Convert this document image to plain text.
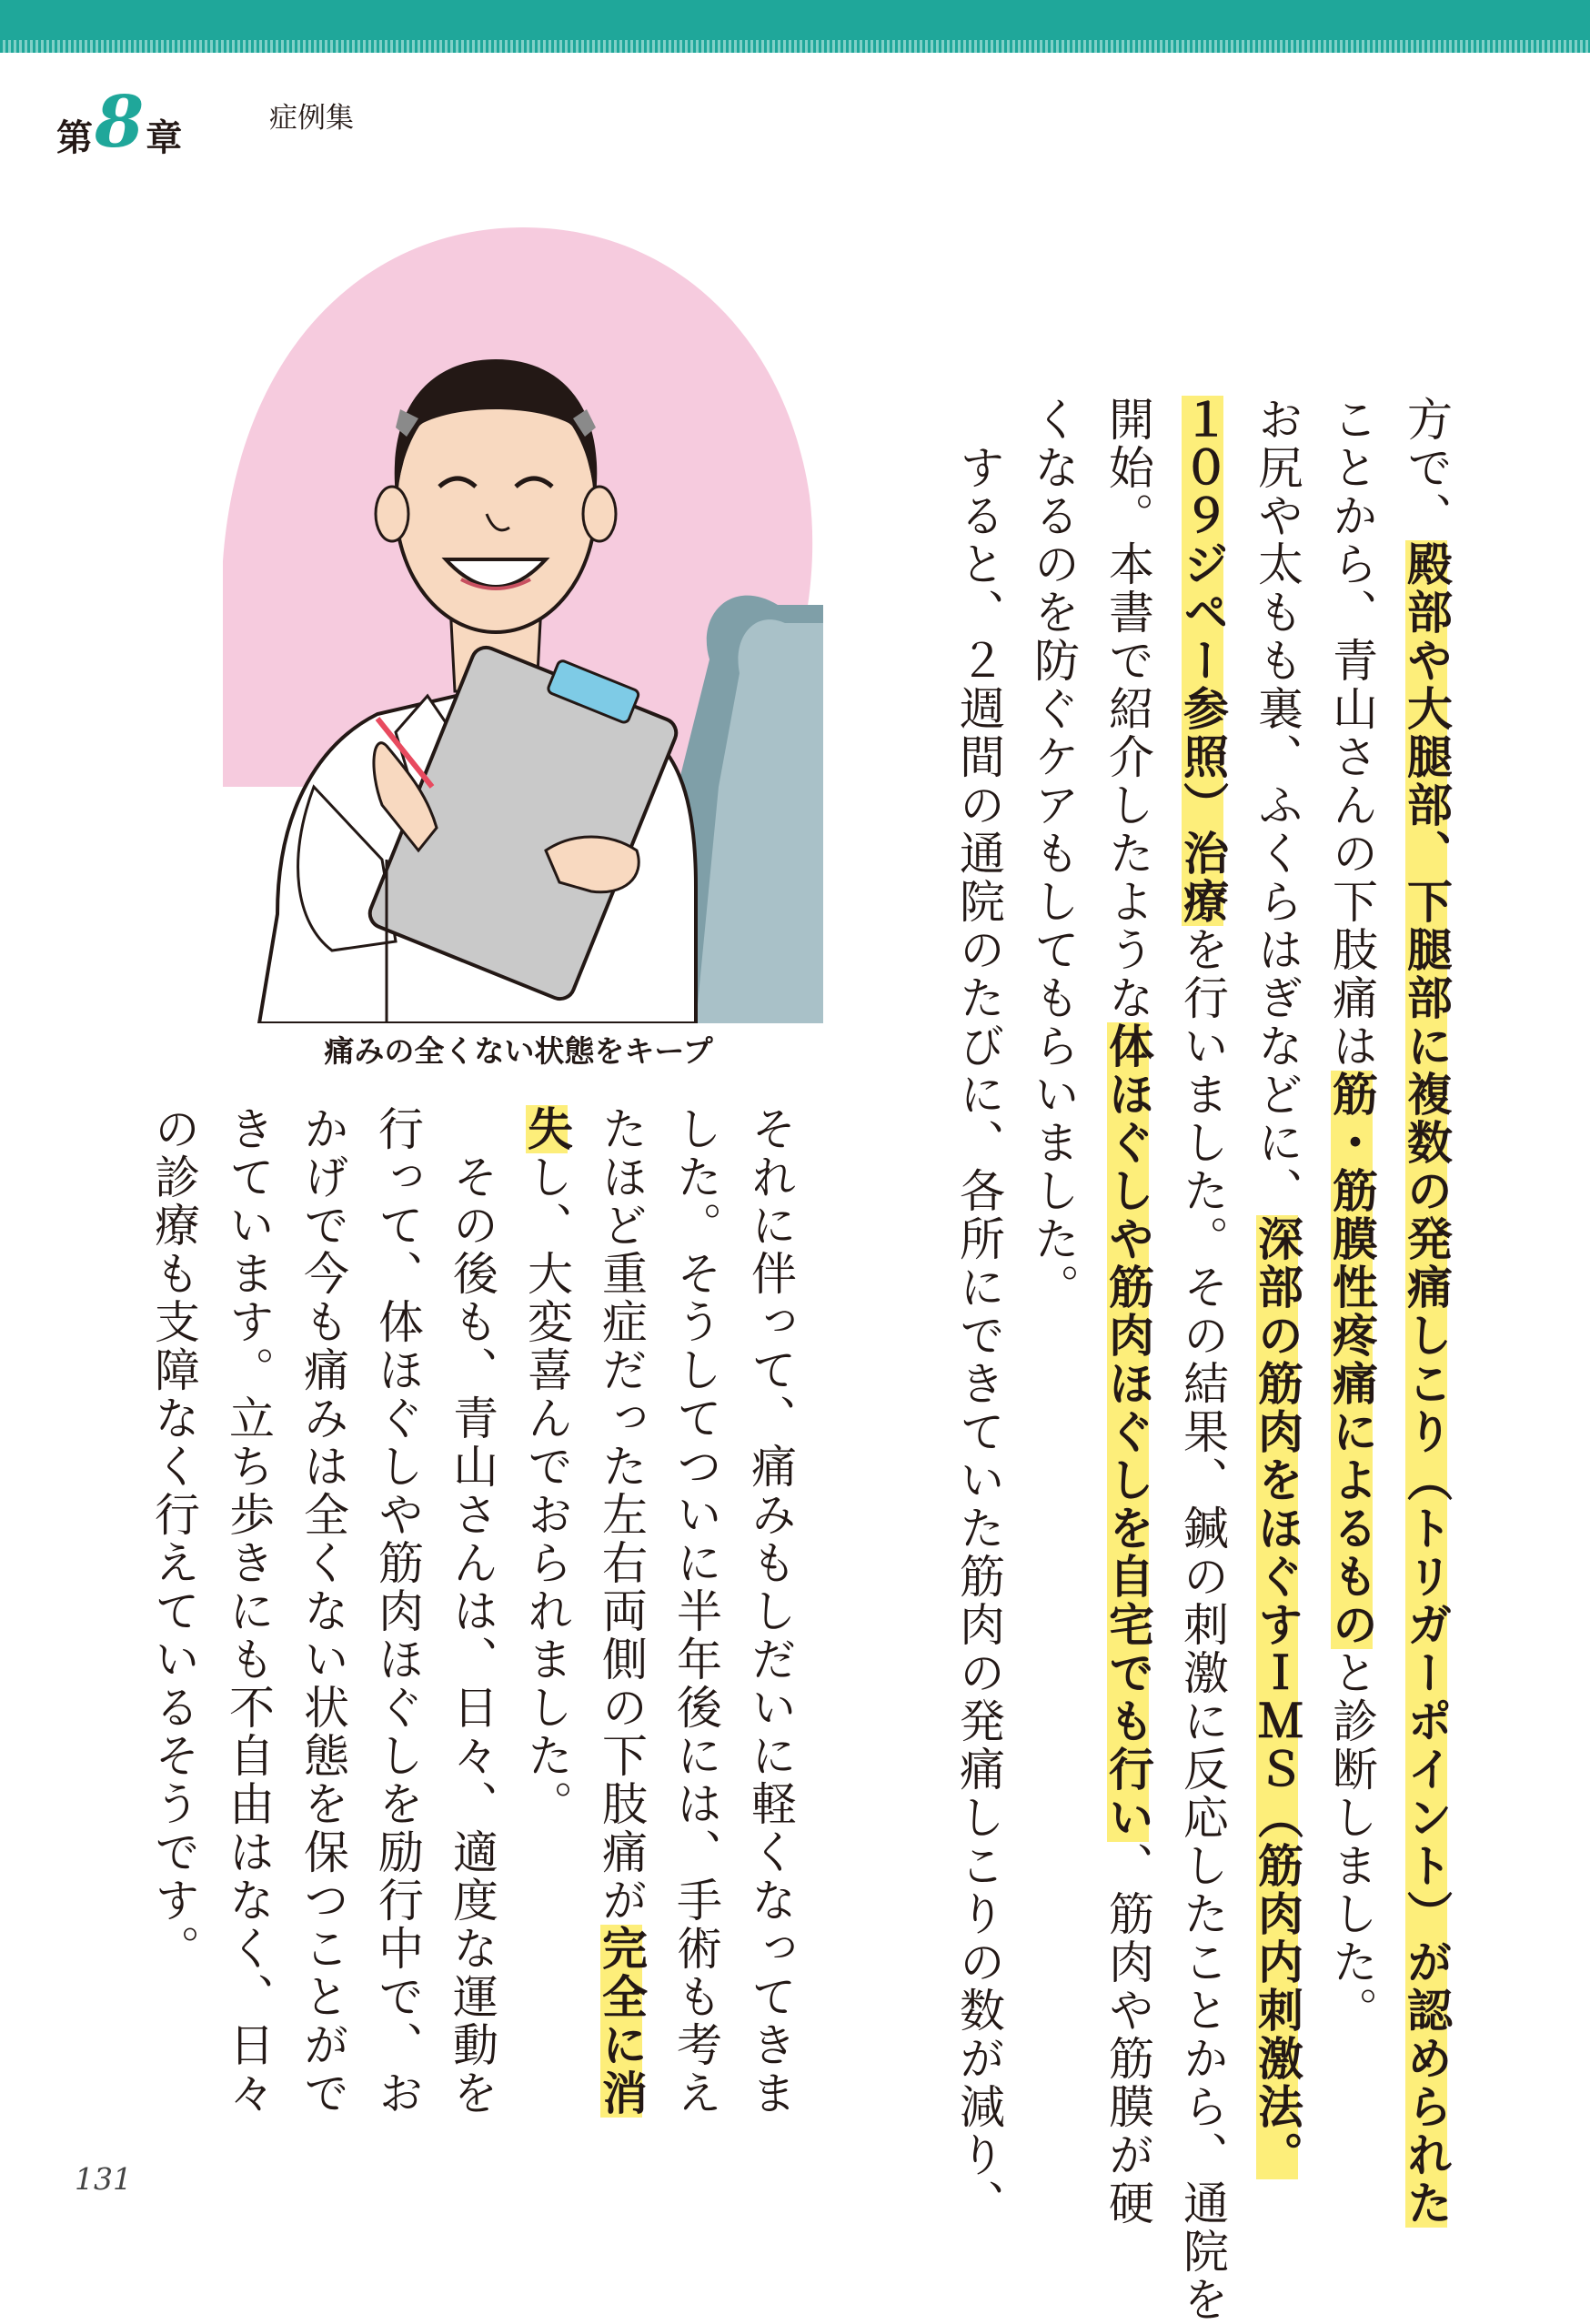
第 8 章	症例集
痛みの全くない状態をキープ
方で、殿部や大腿部、下腿部に複数の発痛しこり（トリガーポイント）が認められた
ことから、青山さんの下肢痛は筋・筋膜性疼痛によるものと診断しました。
お尻や太もも裏、ふくらはぎなどに、深部の筋肉をほぐすＩＭＳ（筋肉内刺激法。
１０９ジペー参照）治療を行いました。その結果、鍼の刺激に反応したことから、通院を
開始。本書で紹介したような体ほぐしや筋肉ほぐしを自宅でも行い、筋肉や筋膜が硬
くなるのを防ぐケアもしてもらいました。
　すると、２週間の通院のたびに、各所にできていた筋肉の発痛しこりの数が減り、
それに伴って、痛みもしだいに軽くなってきま
した。そうしてついに半年後には、手術も考え
たほど重症だった左右両側の下肢痛が完全に消
失し、大変喜んでおられました。
　その後も、青山さんは、日々、適度な運動を
行って、体ほぐしや筋肉ほぐしを励行中で、お
かげで今も痛みは全くない状態を保つことがで
きています。立ち歩きにも不自由はなく、日々
の診療も支障なく行えているそうです。
131
